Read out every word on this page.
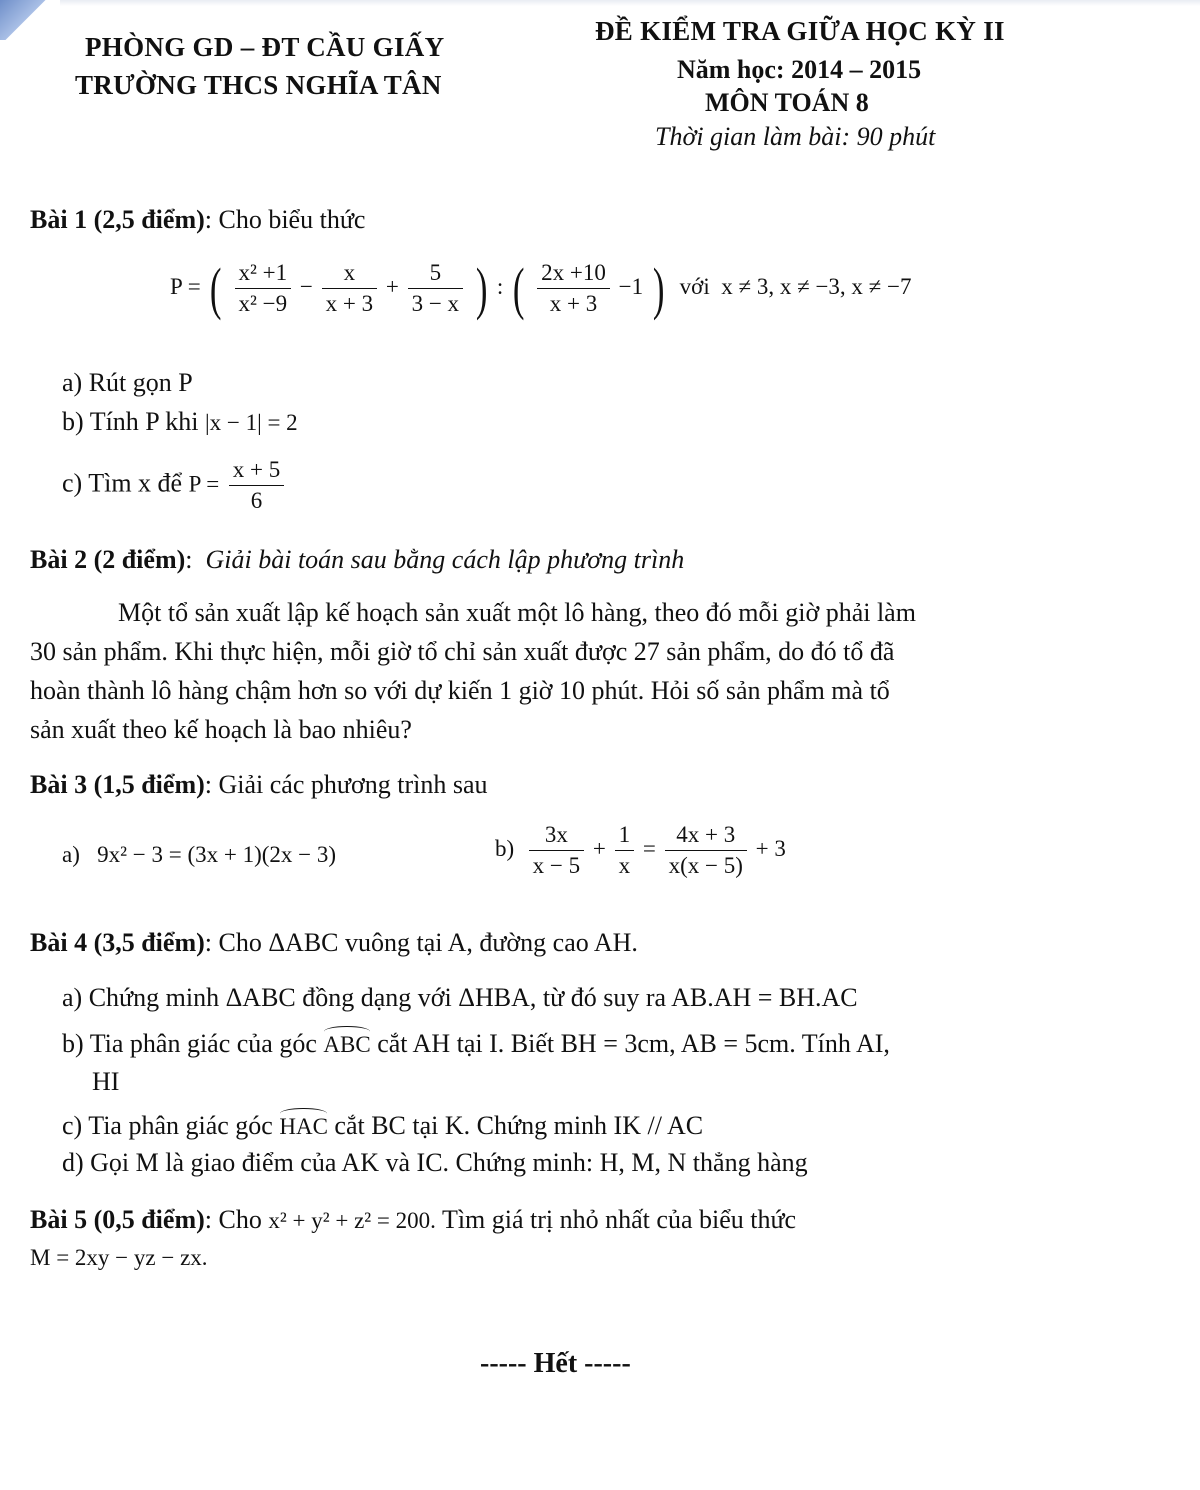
PHÒNG GD – ĐT CẦU GIẤY
TRƯỜNG THCS NGHĨA TÂN
ĐỀ KIỂM TRA GIỮA HỌC KỲ II
Năm học: 2014 – 2015
MÔN TOÁN 8
Thời gian làm bài: 90 phút
Bài 1 (2,5 điểm): Cho biểu thức
P = ( $\frac{\text{x² +1}}{\text{x² −9}} - \frac{x}{x + 3} + \frac{5}{3 - x}$ ) : ( $\frac{2x +10}{x + 3} -1$ ) với x ≠ 3, x ≠ −3, x ≠ −7
a) Rút gọn P
b) Tính P khi |x − 1| = 2
c) Tìm x để $P = \frac{x + 5}{6}$
Bài 2 (2 điểm):  Giải bài toán sau bằng cách lập phương trình
Một tổ sản xuất lập kế hoạch sản xuất một lô hàng, theo đó mỗi giờ phải làm
30 sản phẩm. Khi thực hiện, mỗi giờ tổ chỉ sản xuất được 27 sản phẩm, do đó tổ đã
hoàn thành lô hàng chậm hơn so với dự kiến 1 giờ 10 phút. Hỏi số sản phẩm mà tổ
sản xuất theo kế hoạch là bao nhiêu?
Bài 3 (1,5 điểm): Giải các phương trình sau
a) 9x² − 3 = (3x + 1)(2x − 3)	$b) \frac{3x}{x - 5} + \frac{1}{x} = \frac{4x + 3}{x(x - 5)} + 3$
Bài 4 (3,5 điểm): Cho ΔABC vuông tại A, đường cao AH.
a) Chứng minh ΔABC đồng dạng với ΔHBA, từ đó suy ra AB.AH = BH.AC
b) Tia phân giác của góc ABC cắt AH tại I. Biết BH = 3cm, AB = 5cm. Tính AI,
HI
c) Tia phân giác góc HAC cắt BC tại K. Chứng minh IK // AC
d) Gọi M là giao điểm của AK và IC. Chứng minh: H, M, N thẳng hàng
Bài 5 (0,5 điểm): Cho x² + y² + z² = 200. Tìm giá trị nhỏ nhất của biểu thức
M = 2xy − yz − zx.
----- Hết -----
